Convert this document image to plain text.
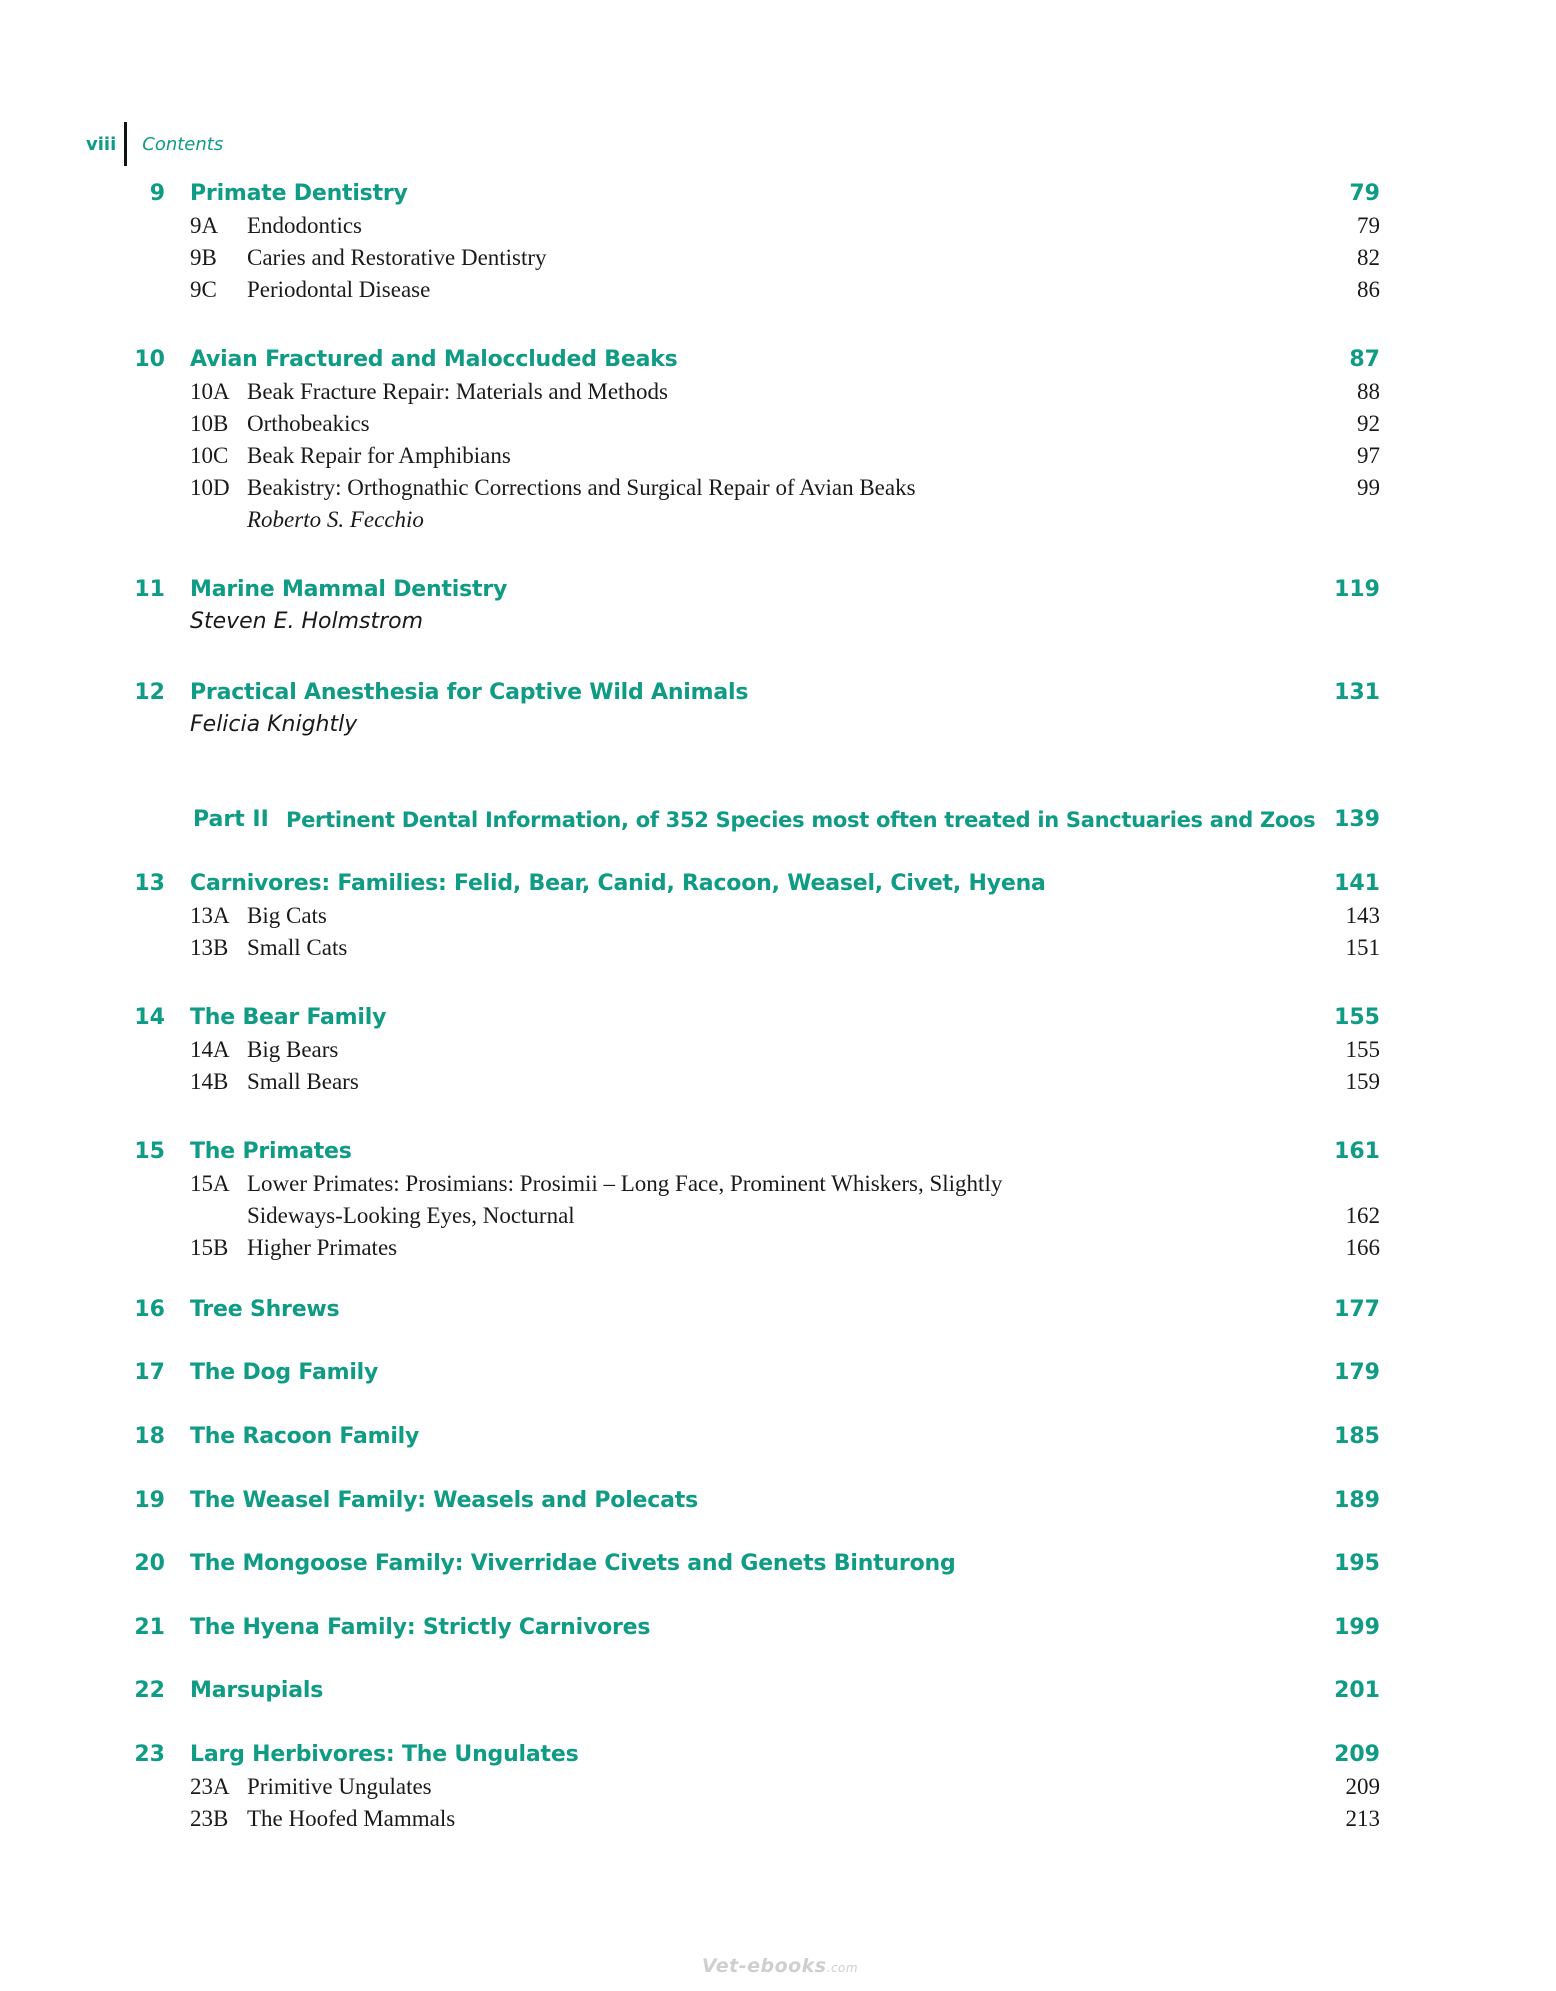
viii	Contents
9 Primate Dentistry	79
9A Endodontics	79
9B Caries and Restorative Dentistry	82
9C Periodontal Disease	86
10 Avian Fractured and Maloccluded Beaks	87
10A Beak Fracture Repair: Materials and Methods	88
10B Orthobeakics	92
10C Beak Repair for Amphibians	97
10D Beakistry: Orthognathic Corrections and Surgical Repair of Avian Beaks	99
Roberto S. Fecchio
11 Marine Mammal Dentistry	119
Steven E. Holmstrom
12 Practical Anesthesia for Captive Wild Animals	131
Felicia Knightly
Part II Pertinent Dental Information, of 352 Species most often treated in Sanctuaries and Zoos 139
13 Carnivores: Families: Felid, Bear, Canid, Racoon, Weasel, Civet, Hyena	141
13A Big Cats	143
13B Small Cats	151
14 The Bear Family	155
14A Big Bears	155
14B Small Bears	159
15 The Primates	161
15A Lower Primates: Prosimians: Prosimii – Long Face, Prominent Whiskers, Slightly
Sideways-Looking Eyes, Nocturnal	162
15B Higher Primates	166
16 Tree Shrews	177
17 The Dog Family	179
18 The Racoon Family	185
19 The Weasel Family: Weasels and Polecats	189
20 The Mongoose Family: Viverridae Civets and Genets Binturong	195
21 The Hyena Family: Strictly Carnivores	199
22 Marsupials	201
23 Larg Herbivores: The Ungulates	209
23A Primitive Ungulates	209
23B The Hoofed Mammals	213
Vet-ebooks.com
